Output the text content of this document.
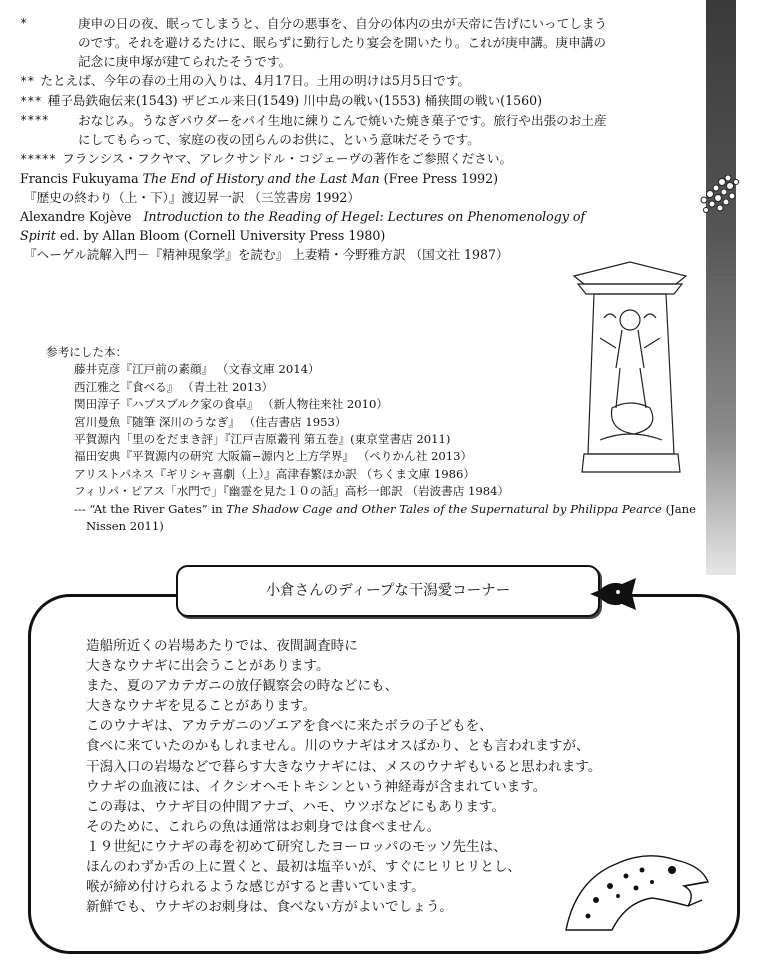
*	庚申の日の夜、眠ってしまうと、自分の悪事を、自分の体内の虫が天帝に告げにいってしまう
のです。それを避けるたけに、眠らずに勤行したり宴会を開いたり。これが庚申講。庚申講の
記念に庚申塚が建てられたそうです。
** たとえば、今年の春の土用の入りは、4月17日。土用の明けは5月5日です。
*** 種子島鉄砲伝来(1543) ザビエル来日(1549) 川中島の戦い(1553) 桶狭間の戦い(1560)
**** おなじみ。うなぎパウダーをパイ生地に練りこんで焼いた焼き菓子です。旅行や出張のお土産
にしてもらって、家庭の夜の団らんのお供に、という意味だそうです。
***** フランシス・フクヤマ、アレクサンドル・コジェーヴの著作をご参照ください。
Francis Fukuyama The End of History and the Last Man (Free Press 1992)
『歴史の終わり（上・下）』渡辺昇一訳 （三笠書房 1992）
Alexandre Kojève Introduction to the Reading of Hegel: Lectures on Phenomenology of
Spirit ed. by Allan Bloom (Cornell University Press 1980)
『ヘーゲル読解入門－『精神現象学』を読む』 上妻精・今野雅方訳 （国文社 1987）
参考にした本：
藤井克彦『江戸前の素顔』 （文春文庫 2014）
西江雅之『食べる』 （青土社 2013）
関田淳子『ハプスブルク家の食卓』 （新人物往来社 2010）
宮川曼魚『随筆 深川のうなぎ』 （住吉書店 1953）
平賀源内「里のをだまき評」『江戸吉原叢刊 第五巻』(東京堂書店 2011)
福田安典『平賀源内の研究 大阪篇−源内と上方学界』 （ぺりかん社 2013）
アリストパネス『ギリシャ喜劇（上）』高津春繁ほか訳 （ちくま文庫 1986）
フィリパ・ピアス「水門で」『幽霊を見た１０の話』高杉一郎訳 （岩波書店 1984）
--- “At the River Gates” in The Shadow Cage and Other Tales of the Supernatural by Philippa Pearce (Jane Nissen 2011)
小倉さんのディープな干潟愛コーナー

造船所近くの岩場あたりでは、夜間調査時に

大きなウナギに出会うことがあります。

また、夏のアカテガニの放仔観察会の時などにも、

大きなウナギを見ることがあります。

このウナギは、アカテガニのゾエアを食べに来たボラの子どもを、

食べに来ていたのかもしれません。川のウナギはオスばかり、とも言われますが、

干潟入口の岩場などで暮らす大きなウナギには、メスのウナギもいると思われます。

ウナギの血液には、イクシオヘモトキシンという神経毒が含まれています。

この毒は、ウナギ目の仲間アナゴ、ハモ、ウツボなどにもあります。

そのために、これらの魚は通常はお刺身では食べません。

１９世紀にウナギの毒を初めて研究したヨーロッパのモッソ先生は、

ほんのわずか舌の上に置くと、最初は塩辛いが、すぐにヒリヒリとし、

喉が締め付けられるような感じがすると書いています。

新鮮でも、ウナギのお刺身は、食べない方がよいでしょう。
